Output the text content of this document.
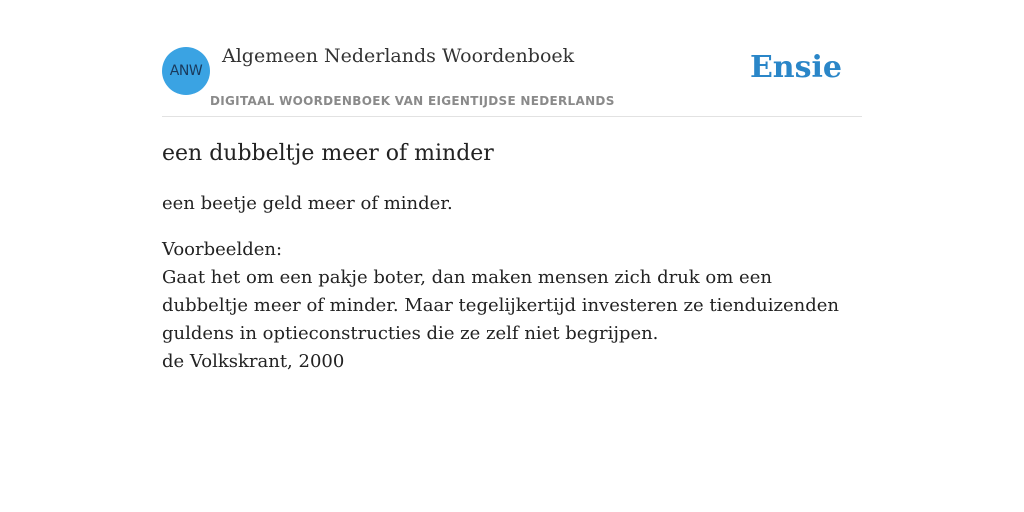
ANW
Algemeen Nederlands Woordenboek
DIGITAAL WOORDENBOEK VAN EIGENTIJDSE NEDERLANDS
Ensie
een dubbeltje meer of minder

een beetje geld meer of minder.

Voorbeelden:
Gaat het om een pakje boter, dan maken mensen zich druk om een dubbeltje meer of minder. Maar tegelijkertijd investeren ze tienduizenden guldens in optieconstructies die ze zelf niet begrijpen.
de Volkskrant, 2000
